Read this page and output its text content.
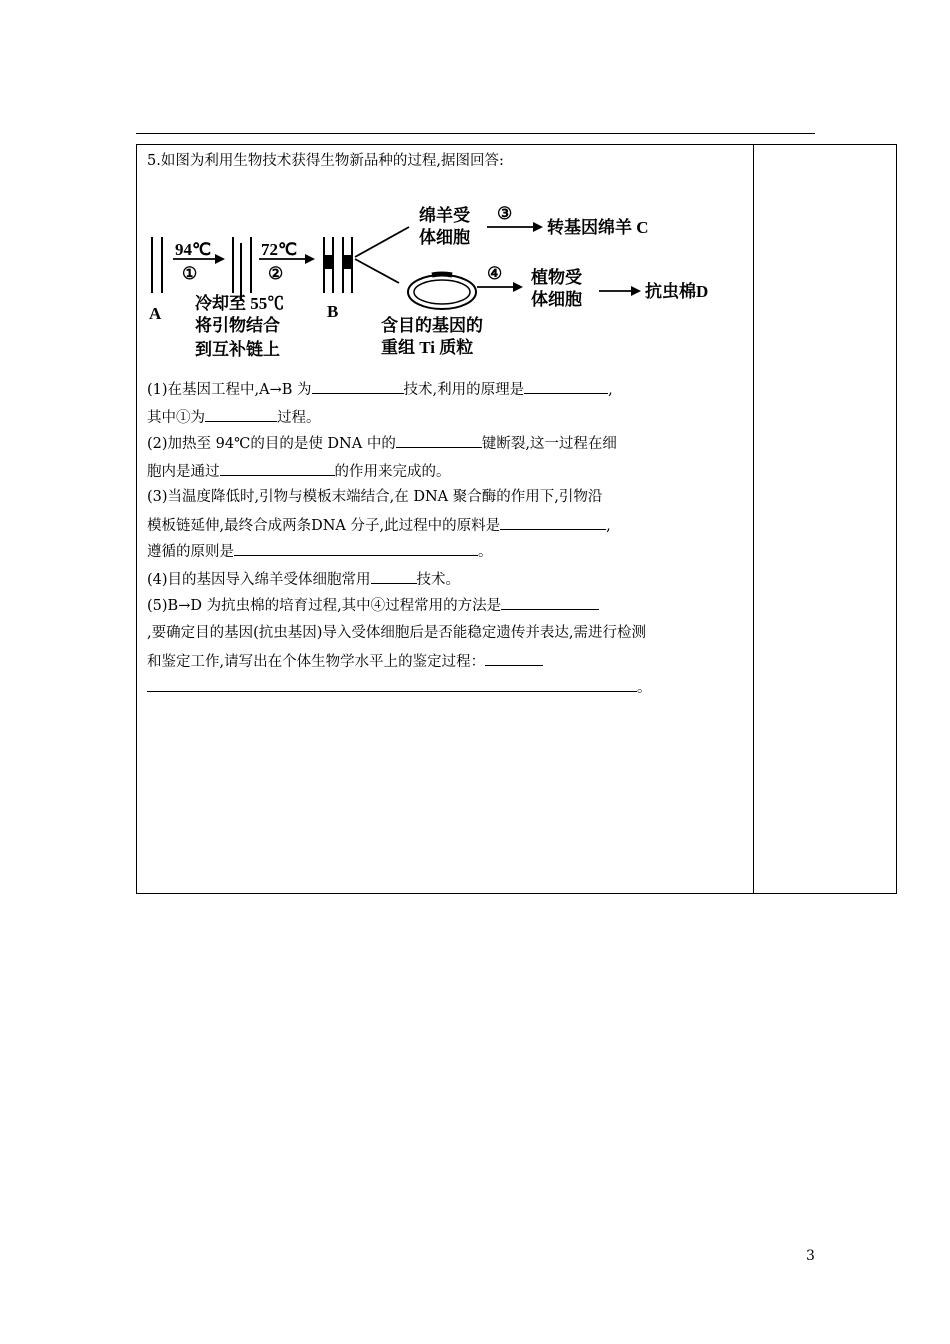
5.如图为利用生物技术获得生物新品种的过程,据图回答:
94℃
①
72℃
②
A	B
冷却至 55℃
将引物结合
到互补链上
绵羊受
体细胞
③
转基因绵羊 C
含目的基因的
重组 Ti 质粒
④ 植物受
体细胞	抗虫棉D
(1)在基因工程中,A→B 为	技术,利用的原理是	,
其中①为	过程。
(2)加热至 94℃的目的是使 DNA 中的	键断裂,这一过程在细
胞内是通过	的作用来完成的。
(3)当温度降低时,引物与模板末端结合,在 DNA 聚合酶的作用下,引物沿
模板链延伸,最终合成两条DNA 分子,此过程中的原料是	,
遵循的原则是	。
(4)目的基因导入绵羊受体细胞常用	技术。
(5)B→D 为抗虫棉的培育过程,其中④过程常用的方法是
,要确定目的基因(抗虫基因)导入受体细胞后是否能稳定遗传并表达,需进行检测
和鉴定工作,请写出在个体生物学水平上的鉴定过程：
。
3
